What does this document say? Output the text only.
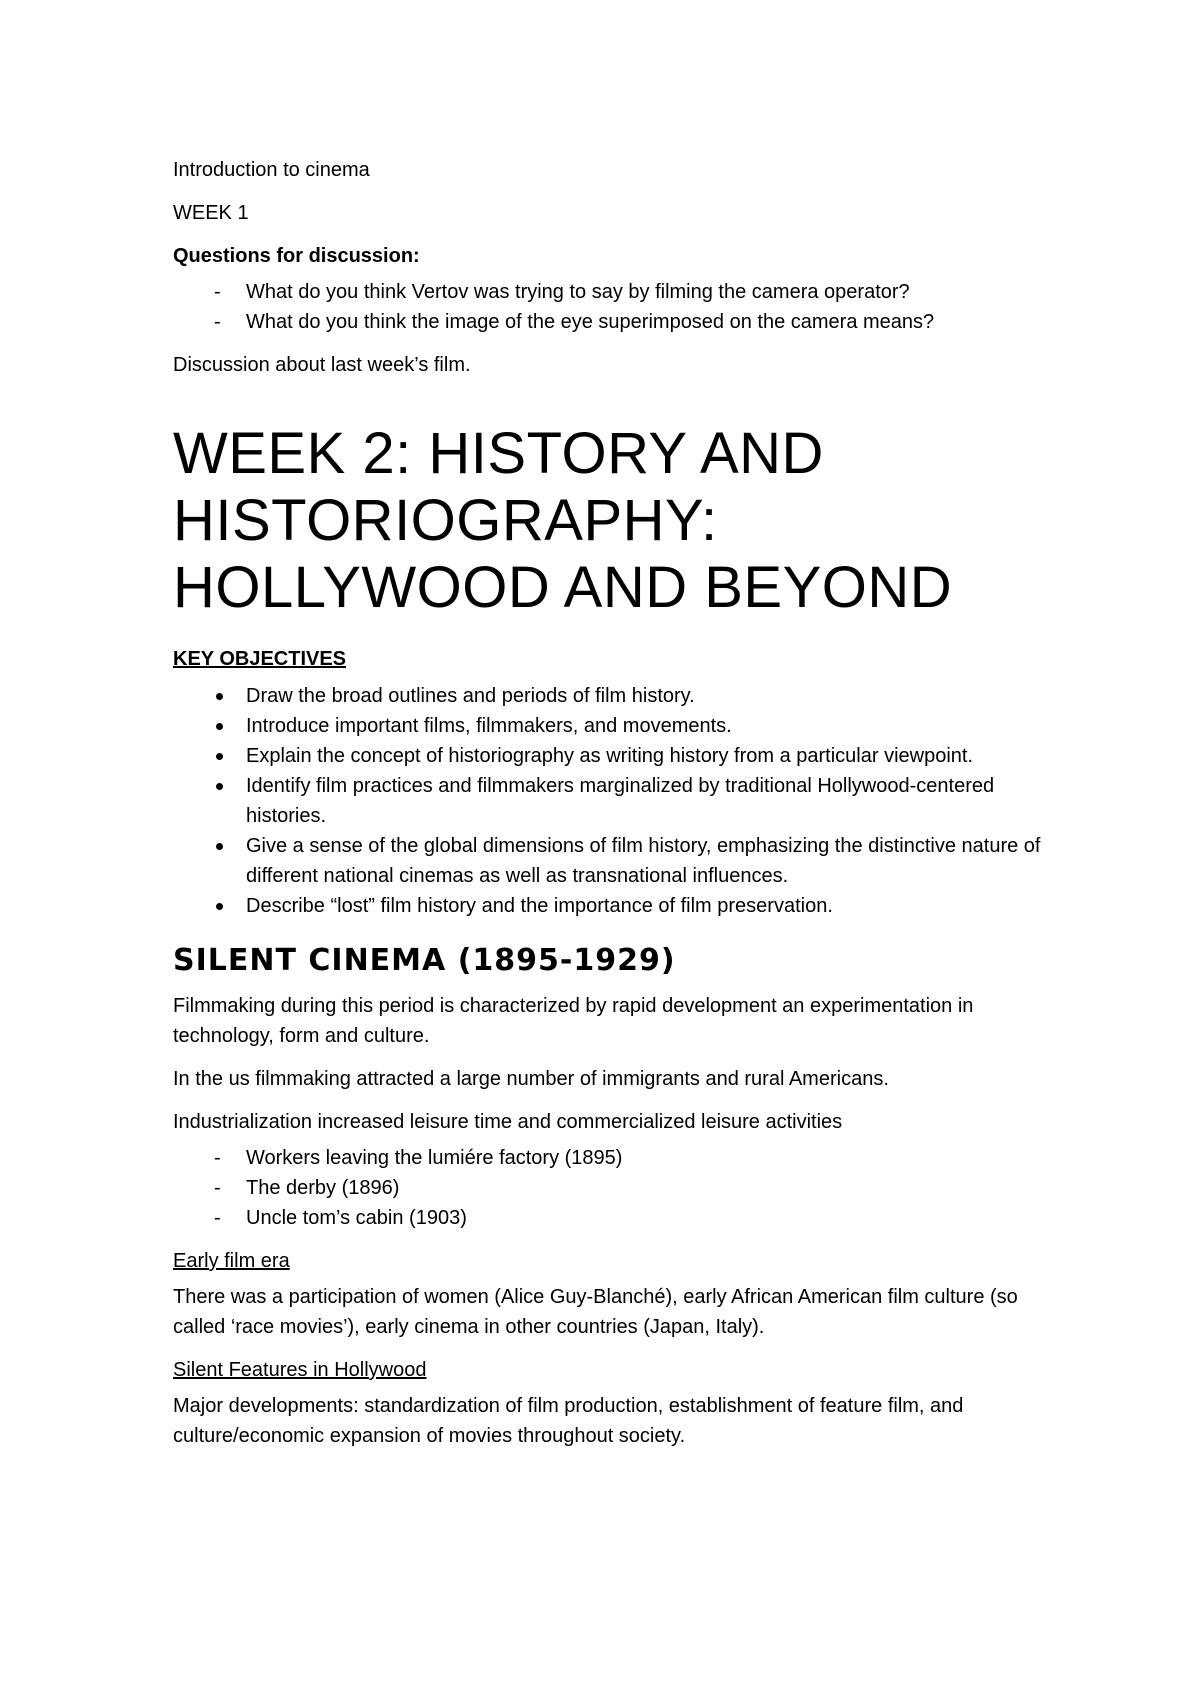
Introduction to cinema

WEEK 1

Questions for discussion:

- What do you think Vertov was trying to say by filming the camera operator?
- What do you think the image of the eye superimposed on the camera means?

Discussion about last week’s film.

WEEK 2: HISTORY AND
HISTORIOGRAPHY:
HOLLYWOOD AND BEYOND

KEY OBJECTIVES

Draw the broad outlines and periods of film history.
Introduce important films, filmmakers, and movements.
Explain the concept of historiography as writing history from a particular viewpoint.
Identify film practices and filmmakers marginalized by traditional Hollywood-centered histories.
Give a sense of the global dimensions of film history, emphasizing the distinctive nature of different national cinemas as well as transnational influences.
Describe “lost” film history and the importance of film preservation.
SILENT CINEMA (1895-1929)

Filmmaking during this period is characterized by rapid development an experimentation in technology, form and culture.

In the us filmmaking attracted a large number of immigrants and rural Americans.

Industrialization increased leisure time and commercialized leisure activities

- Workers leaving the lumiére factory (1895)
- The derby (1896)
- Uncle tom’s cabin (1903)

Early film era

There was a participation of women (Alice Guy-Blanché), early African American film culture (so called ‘race movies’), early cinema in other countries (Japan, Italy).

Silent Features in Hollywood

Major developments: standardization of film production, establishment of feature film, and culture/economic expansion of movies throughout society.
